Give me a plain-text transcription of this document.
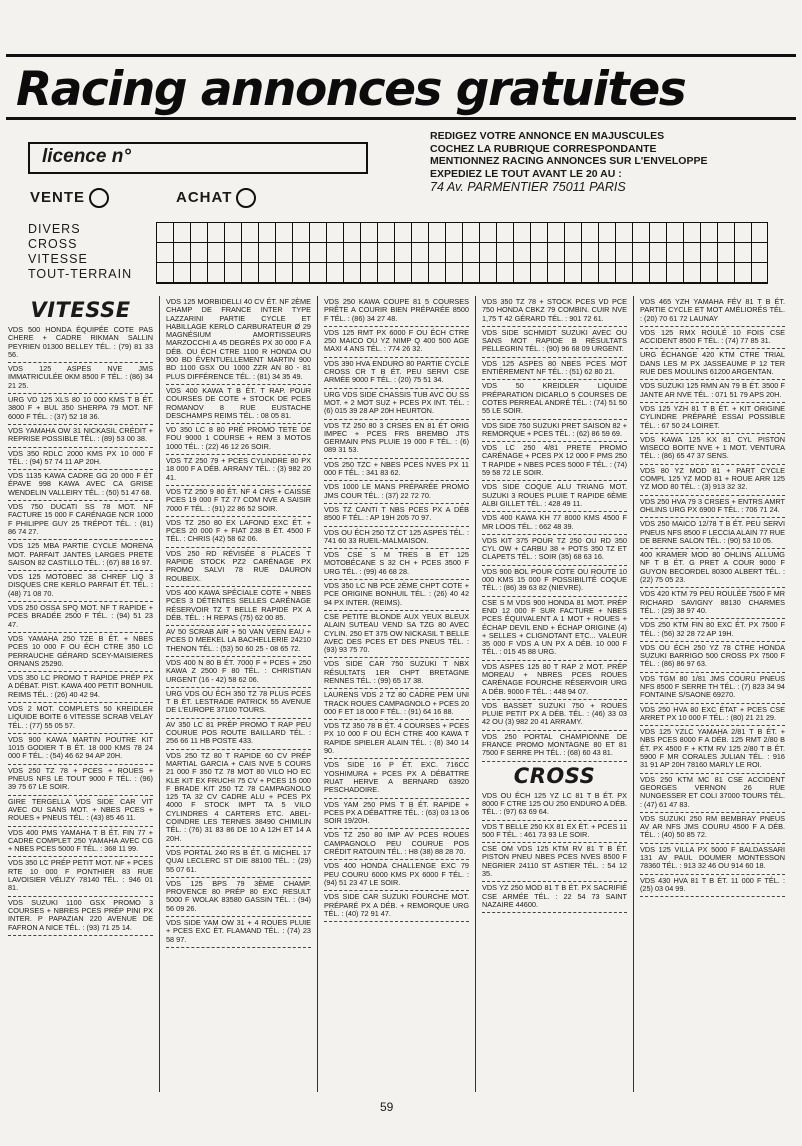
Racing annonces gratuites
licence n°
REDIGEZ VOTRE ANNONCE EN MAJUSCULES
COCHEZ LA RUBRIQUE CORRESPONDANTE
MENTIONNEZ RACING ANNONCES SUR L'ENVELOPPE
EXPEDIEZ LE TOUT AVANT LE 20 AU :
74 Av. PARMENTIER 75011 PARIS
VENTE	ACHAT
DIVERS
CROSS
VITESSE
TOUT-TERRAIN
VITESSE
VDS 500 HONDA ÉQUIPÉE COTE PAS CHERE + CADRE RIKMAN SALLIN PEYRIEN 01300 BELLEY TÉL. : (79) 81 33 56.
VDS 125 ASPES NVE JMS IMMATRICULÉE 0KM 8500 F TÉL. : (86) 34 21 25.
URG VD 125 XLS 80 10 000 KMS T B ÉT. 3800 F + BUL 350 SHERPA 79 MOT. NF 6000 F TÉL. : (37) 52 18 36.
VDS YAMAHA OW 31 NICKASIL CRÉDIT + REPRISE POSSIBLE TÉL. : (89) 53 00 38.
VDS 350 RDLC 2000 KMS PX 10 000 F TÉL. : (94) 57 74 11 AP 20H.
VDS 1135 KAWA CADRE GG 20 000 F ÉT ÉPAVE 998 KAWA AVEC CA GRISE WENDELIN VALLEIRY TÉL. : (50) 51 47 68.
VDS 750 DUCATI SS 78 MOT. NF FACTURE 15 000 F CARÉNAGE NCR 1000 F PHILIPPE GUY 25 TRÉPOT TÉL. : (81) 86 74 27.
VDS 125 MBA PARTIE CYCLE MORENA MOT. PARFAIT JANTES LARGES PRETE SAISON 82 CASTILLO TÉL. : (67) 88 16 97.
VDS 125 MOTOBEC 38 CHREF LIQ 3 DISQUES CRE KERLO PARFAIT ÉT. TÉL. : (48) 71 08 70.
VDS 250 OSSA SPQ MOT. NF T RAPIDE + PCES BRADÉE 2500 F TÉL. : (94) 51 23 47.
VDS YAMAHA 250 TZE B ÉT. + NBES PCES 10 000 F OU ÉCH CTRE 350 LC PERRAUCHE GÉRARD SCEY-MAISIERES ORNANS 25290.
VDS 350 LC PROMO T RAPIDE PRÉP PX A DÉBAT. PIST. KAWA 400 PETIT BONHUIL REIMS TÉL. : (26) 40 42 94.
VDS 2 MOT. COMPLETS 50 KREIDLER LIQUIDE BOITE 6 VITESSE SCRAB VELAY TÉL. : (77) 55 05 57.
VDS 900 KAWA MARTIN POUTRE KIT 1015 GODIER T B ÉT. 18 000 KMS 78 24 000 F TÉL. : (54) 46 62 94 AP 20H.
VDS 250 TZ 78 + PCES + ROUES + PNEUS NFS LE TOUT 9000 F TÉL. : (96) 39 75 67 LE SOIR.
GIRE TERGELLA VDS SIDE CAR VIT AVEC OU SANS MOT. + NBES PCES + ROUES + PNEUS TÉL. : (43) 85 46 11.
VDS 400 PMS YAMAHA T B ÉT. FIN 77 + CADRE COMPLET 250 YAMAHA AVEC CG + NBES PCES 5000 F TÉL. : 368 11 99.
VDS 350 LC PRÉP PETIT MOT. NF + PCES RTE 10 000 F PONTHIER 83 RUE LAVOISIER VÉLIZY 78140 TÉL. : 946 01 81.
VDS SUZUKI 1100 GSX PROMO 3 COURSES + NBRES PCES PRÉP PINI PX INTER. P PAPAZIAN 220 AVENUE DE FAFRON A NICE TÉL. : (93) 71 25 14.
VDS 125 MORBIDELLI 40 CV ÉT. NF 2ÈME CHAMP DE FRANCE INTER TYPE LAZZARINI PARTIE CYCLE ET HABILLAGE KERLO CARBURATEUR Ø 29 MAGNÉSIUM AMORTISSEURS MARZOCCHI A 45 DEGRÉS PX 30 000 F A DÉB. OU ÉCH CTRE 1100 R HONDA OU 900 BD ÉVENTUELLEMENT MARTIN 900 BD 1100 GSX OU 1000 ZZR AN 80 - 81 PLUS DIFFÉRENCE TÉL. : (81) 34 35 49.
VDS 400 KAWA T B ÉT. T RAP. POUR COURSES DE COTE + STOCK DE PCES ROMANOV 8 RUE EUSTACHE DESCHAMPS REIMS TÉL. : 08 05 81.
VD 350 LC 8 80 PRÉ PROMO TETE DE FOU 9000 1 COURSE + REM 3 MOTOS 1000 TÉL. : (22) 46 12 26 SOIR.
VDS TZ 250 79 + PCES CYLINDRE 80 PX 18 000 F A DÉB. ARRANY TÉL. : (3) 982 20 41.
VDS TZ 250 9 80 ÉT. NF 4 CRS + CAISSE PCES 19 000 F TZ 77 COM NVE A SAISIR 7000 F TÉL. : (91) 22 86 52 SOIR.
VDS TZ 250 80 EX LAFOND EXC ÉT. + PCES 20 000 F + FIAT 238 B ÉT. 4500 F TÉL. : CHRIS (42) 58 62 06.
VDS 250 RD RÉVISÉE 8 PLACES T RAPIDE STOCK PZ2 CARÉNAGE PX PROMO SALVI 78 RUE DAURON ROUBEIX.
VDS 400 KAWA SPÉCIALE COTE + NBES PCES 3 DÉTENTES SELLES CARÉNAGE RÉSERVOIR TZ T BELLE RAPIDE PX A DÉB. TÉL. : H REPAS (75) 62 00 85.
AV 50 SCRAB AIR + 50 VAN VEEN EAU + PCES D MEEKEL LA BACHELLERIE 24210 THENON TÉL. : (53) 50 60 25 - 08 65 72.
VDS 400 N 80 B ÉT. 7000 F + PCES + 250 KAWA Z 2500 F 80 TÉL. : CHRISTIAN URGENT (16 - 42) 58 62 06.
URG VDS OU ÉCH 350 TZ 78 PLUS PCES T B ÉT. LESTRADE PATRICK 55 AVENUE DE L'EUROPE 37100 TOURS.
AV 350 LC 81 PRÉP PROMO T RAP PEU COURUE POS ROUTE BAILLARD TÉL. : 256 66 11 HB POSTE 433.
VDS 250 TZ 80 T RAPIDE 60 CV PRÉP MARTIAL GARCIA + CAIS NVE 5 COURS 21 000 F 350 TZ 78 MOT 80 VILO HO EC KLE KIT EX FRUCHI 75 CV + PCES 15 000 F BRADE KIT 250 TZ 78 CAMPAGNOLO 125 TA 32 CV CADRE ALU + PCES PX 4000 F STOCK IMPT TA 5 VILO CYLINDRES 4 CARTERS ETC. ABEL-COINDRE LES TERNES 38490 CHIMILIN TÉL. : (76) 31 83 86 DE 10 A 12H ET 14 A 20H.
VDS PORTAL 240 RS B ÉT. G MICHEL 17 QUAI LECLERC ST DIE 88100 TÉL. : (29) 55 07 61.
VDS 125 BPS 79 3ÈME CHAMP. PROVENCE 80 PRÉP 80 EXC RESULT 5000 F WOLAK 83580 GASSIN TÉL. : (94) 56 09 26.
VDS SIDE YAM OW 31 + 4 ROUES PLUIE + PCES EXC ÉT. FLAMAND TÉL. : (74) 23 58 97.
VDS 250 KAWA COUPE 81 5 COURSES PRÊTE A COURIR BIEN PRÉPARÉE 8500 F TÉL. : (86) 34 27 48.
VDS 125 RMT PX 6000 F OU ÉCH CTRE 250 MAICO OU YZ NIMP Q 400 500 AGE MAXI 4 ANS TÉL. : 774 26 32.
VDS 390 HVA ENDURO 80 PARTIE CYCLE CROSS CR T B ÉT. PEU SERVI CSE ARMÉE 9000 F TÉL. : (20) 75 51 34.
URG VDS SIDE CHASSIS TUB AVC OU SS MOT. + 2 MOT SUZ + PCES PX INT. TÉL. : (6) 015 39 28 AP 20H HEURTON.
VDS TZ 250 80 3 CRSES EN 81 ÉT ORIG IMPEC + PCES FRS BREMBO JTS GERMAIN PNS PLUIE 19 000 F TÉL. : (6) 089 31 53.
VDS 250 TZC + NBES PCES NVES PX 11 000 F TÉL. : 341 83 62.
VDS 1000 LE MANS PRÉPARÉE PROMO JMS COUR TÉL. : (37) 22 72 70.
VDS TZ CANTI T NBS PCES PX A DÉB 8500 F TÉL. : AP 19H 205 70 97.
VDS OU ÉCH 250 TZ CT 125 ASPES TÉL. : 741 60 33 RUEIL-MALMAISON.
VDS CSE S M TRES B ET 125 MOTOBÉCANE S 32 CH + PCES 3500 F URG TÉL. : (99) 46 68 28.
VDS 350 LC NB PCE 2ÈME CHPT COTE + PCE ORIGINE BONHUIL TÉL. : (26) 40 42 94 PX INTER. (REIMS).
CSE PETITE BLONDE AUX YEUX BLEUX ALAIN SUTEAU VEND SA TZG 80 AVEC CYLIN. 250 ET 375 OW NICKASIL T BELLE AVEC DES PCES ET DES PNEUS TÉL. : (93) 93 75 70.
VDS SIDE CAR 750 SUZUKI T NBX RÉSULTATS 1ER CHPT BRETAGNE RENNES TÉL. : (99) 65 17 38.
LAURENS VDS 2 TZ 80 CADRE PEM UNI TRACK ROUES CAMPAGNOLO + PCES 20 000 F ET 18 000 F TÉL. : (91) 64 16 88.
VDS TZ 350 78 B ÉT. 4 COURSES + PCES PX 10 000 F OU ÉCH CTRE 400 KAWA T RAPIDE SPIELER ALAIN TÉL. : (8) 340 14 90.
VDS SIDE 16 P ÉT. EXC. 716CC YOSHIMURA + PCES PX A DÉBATTRE RUAT HERVE A BERNARD 63920 PESCHADOIRE.
VDS YAM 250 PMS T B ÉT. RAPIDE + PCES PX A DÉBATTRE TÉL. : (63) 03 13 06 SOIR 19/20H.
VDS TZ 250 80 IMP AV PCES ROUES CAMPAGNOLO PEU COURUE POS CRÉDIT RATOUIN TÉL. : H8 (38) 88 28 70.
VDS 400 HONDA CHALLENGE EXC 79 PEU COURU 6000 KMS PX 6000 F TÉL. : (94) 51 23 47 LE SOIR.
VDS SIDE CAR SUZUKI FOURCHE MOT. PRÉPARÉ PX A DÉB. + REMORQUE URG TÉL. : (40) 72 91 47.
VDS 350 TZ 78 + STOCK PCES VD PCE 750 HONDA CBKZ 79 COMBIN. CUIR NVE 1,75 T 42 GÉRARD TÉL. : 901 72 61.
VDS SIDE SCHMIDT SUZUKI AVEC OU SANS MOT RAPIDE B RÉSULTATS PELLEGRIN TÉL. : (90) 96 68 09 URGENT.
VDS 125 ASPES 80 NBES PCES MOT ENTIÈREMENT NF TÉL. : (51) 62 80 21.
VDS 50 KREIDLER LIQUIDE PRÉPARATION DICARLO 5 COURSES DE COTES PERREAL ANDRÉ TÉL. : (74) 51 50 55 LE SOIR.
VDS SIDE 750 SUZUKI PRET SAISON 82 + REMORQUE + PCES TÉL. : (62) 86 59 69.
VDS LC 250 4/81 PRETE PROMO CARÉNAGE + PCES PX 12 000 F PMS 250 T RAPIDE + NBES PCES 5000 F TÉL. : (74) 59 58 72 LE SOIR.
VDS SIDE COQUE ALU TRIANG MOT. SUZUKI 3 ROUES PLUIE T RAPIDE 6ÈME ALBI GILLET TÉL. : 428 49 11.
VDS 400 KAWA KH 77 8000 KMS 4500 F MR LOOS TÉL. : 662 48 39.
VDS KIT 375 POUR TZ 250 OU RD 350 CYL OW + CARBU 38 + POTS 350 TZ ET CLAPETS TÉL. : SOIR (35) 68 63 16.
VDS 900 BOL POUR COTE OU ROUTE 10 000 KMS 15 000 F POSSIBILITÉ COQUE TÉL. : (86) 39 63 82 (NIEVRE).
CSE S M VDS 900 HONDA 81 MOT. PRÉP END 12 000 F SUR FACTURE + NBES PCES ÉQUIVALENT A 1 MOT + ROUES + ÉCHAP DEVIL END + ÉCHAP ORIGINE (4) + SELLES + CLIGNOTANT ETC... VALEUR 35 000 F VDS A UN PX A DÉB. 10 000 F TÉL. : 015 45 88 URG.
VDS ASPES 125 80 T RAP 2 MOT. PRÉP MOREAU + NBRES PCES ROUES CARÉNAGE FOURCHE RÉSERVOIR URG A DÉB. 9000 F TÉL. : 448 94 07.
VDS BASSET SUZUKI 750 + ROUES PLUIE PETIT PX A DÉB. TÉL. : (46) 33 03 42 OU (3) 982 20 41 ARRAMY.
VDS 250 PORTAL CHAMPIONNE DE FRANCE PROMO MONTAGNE 80 ET 81 7500 F SERRE PH TÉL. : (68) 60 43 81.
CROSS
VDS OU ÉCH 125 YZ LC 81 T B ÉT. PX 8000 F CTRE 125 OU 250 ENDURO A DÉB. TÉL. : (97) 63 69 64.
VDS T BELLE 250 KX 81 EX ÉT. + PCES 11 500 F TÉL. : 461 73 93 LE SOIR.
CSE OM VDS 125 KTM RV 81 T B ÉT. PISTON PNEU NBES PCES NVES 8500 F NEGRIER 24110 ST ASTIER TÉL. : 54 12 35.
VDS YZ 250 MOD 81 T B ÉT. PX SACRIFIÉ CSE ARMÉE TÉL. : 22 54 73 SAINT NAZAIRE 44600.
VDS 465 YZH YAMAHA FÉV 81 T B ÉT. PARTIE CYCLE ET MOT AMÉLIORÉS TÉL. : (20) 70 61 72 LAUNAY
VDS 125 RMX ROULÉ 10 FOIS CSE ACCIDENT 8500 F TÉL. : (74) 77 85 31.
URG ÉCHANGE 420 KTM CTRE TRIAL DANS LES M PX JASSEAUME P 12 TER RUE DES MOULINS 61200 ARGENTAN.
VDS SUZUKI 125 RMN AN 79 B ÉT. 3500 F JANTE AR NVE TÉL. : 071 51 79 APS 20H.
VDS 125 YZH 81 T B ÉT. + KIT ORIGINE CYLINDRE PRÉPARÉ ESSAI POSSIBLE TÉL. : 67 50 24 LOIRET.
VDS KAWA 125 KX 81 CYL PISTON WISECO BOITE NVE + 1 MOT. VENTURA TÉL. : (86) 65 47 37 SENS.
VDS 80 YZ MOD 81 + PART CYCLE COMPL 125 YZ MOD 81 + ROUE ARR 125 YZ MOD 80 TÉL. : (3) 913 32 32.
VDS 250 HVA 79 3 CRSES + ENTRS AMRT OHLINS URG PX 6900 F TÉL. : 706 71 24.
VDS 250 MAICO 12/78 T B ÉT. PEU SERVI PNEUS NFS 8500 F LECCIA ALAIN 77 RUE DE BERNE SALON TÉL. : (90) 53 10 05.
400 KRAMER MOD 80 OHLINS ALLUMG NF T B ÉT. G PRET A COUR 9000 F GUYON BECORDEL 80300 ALBERT TÉL. : (22) 75 05 23.
VDS 420 KTM 79 PEU ROULÉE 7500 F MR RICHARD SAVIGNY 88130 CHARMES TÉL. : (29) 38 97 40.
VDS 250 KTM FIN 80 EXC ÉT. PX 7500 F TÉL. : (56) 32 28 72 AP 19H.
VDS OU ÉCH 250 YZ 78 CTRE HONDA SUZUKI BARRIGO 500 CROSS PX 7500 F TÉL. : (86) 86 97 63.
VDS TGM 80 1/81 JMS COURU PNEUS NFS 8500 F SERRE TH TÉL. : (7) 823 34 94 FONTAINE S/SAONE 69270.
VDS 250 HVA 80 EXC ÉTAT + PCES CSE ARRET PX 10 000 F TÉL. : (80) 21 21 29.
VDS 125 YZLC YAMAHA 2/81 T B ÉT. + NBS PCES 8000 F A DÉB. 125 RMT 2/80 B ÉT. PX 4500 F + KTM RV 125 2/80 T B ÉT. 5900 F MR CORALES JULIAN TÉL. : 916 31 91 AP 20H 78160 MARLY LE ROI.
VDS 250 KTM MC 81 CSE ACCIDENT GEORGES VERNON 26 RUE NUNGESSER ET COLI 37000 TOURS TÉL. : (47) 61 47 83.
VDS SUZUKI 250 RM BEMBRAY PNEUS AV AR NFS JMS COURU 4500 F A DÉB. TÉL. : (40) 50 85 72.
VDS 125 VILLA PX 5000 F BALDASSARI 131 AV PAUL DOUMER MONTESSON 78360 TÉL. : 913 32 46 OU 914 60 18.
VDS 430 HVA 81 T B ÉT. 11 000 F TÉL. : (25) 03 04 99.
59
